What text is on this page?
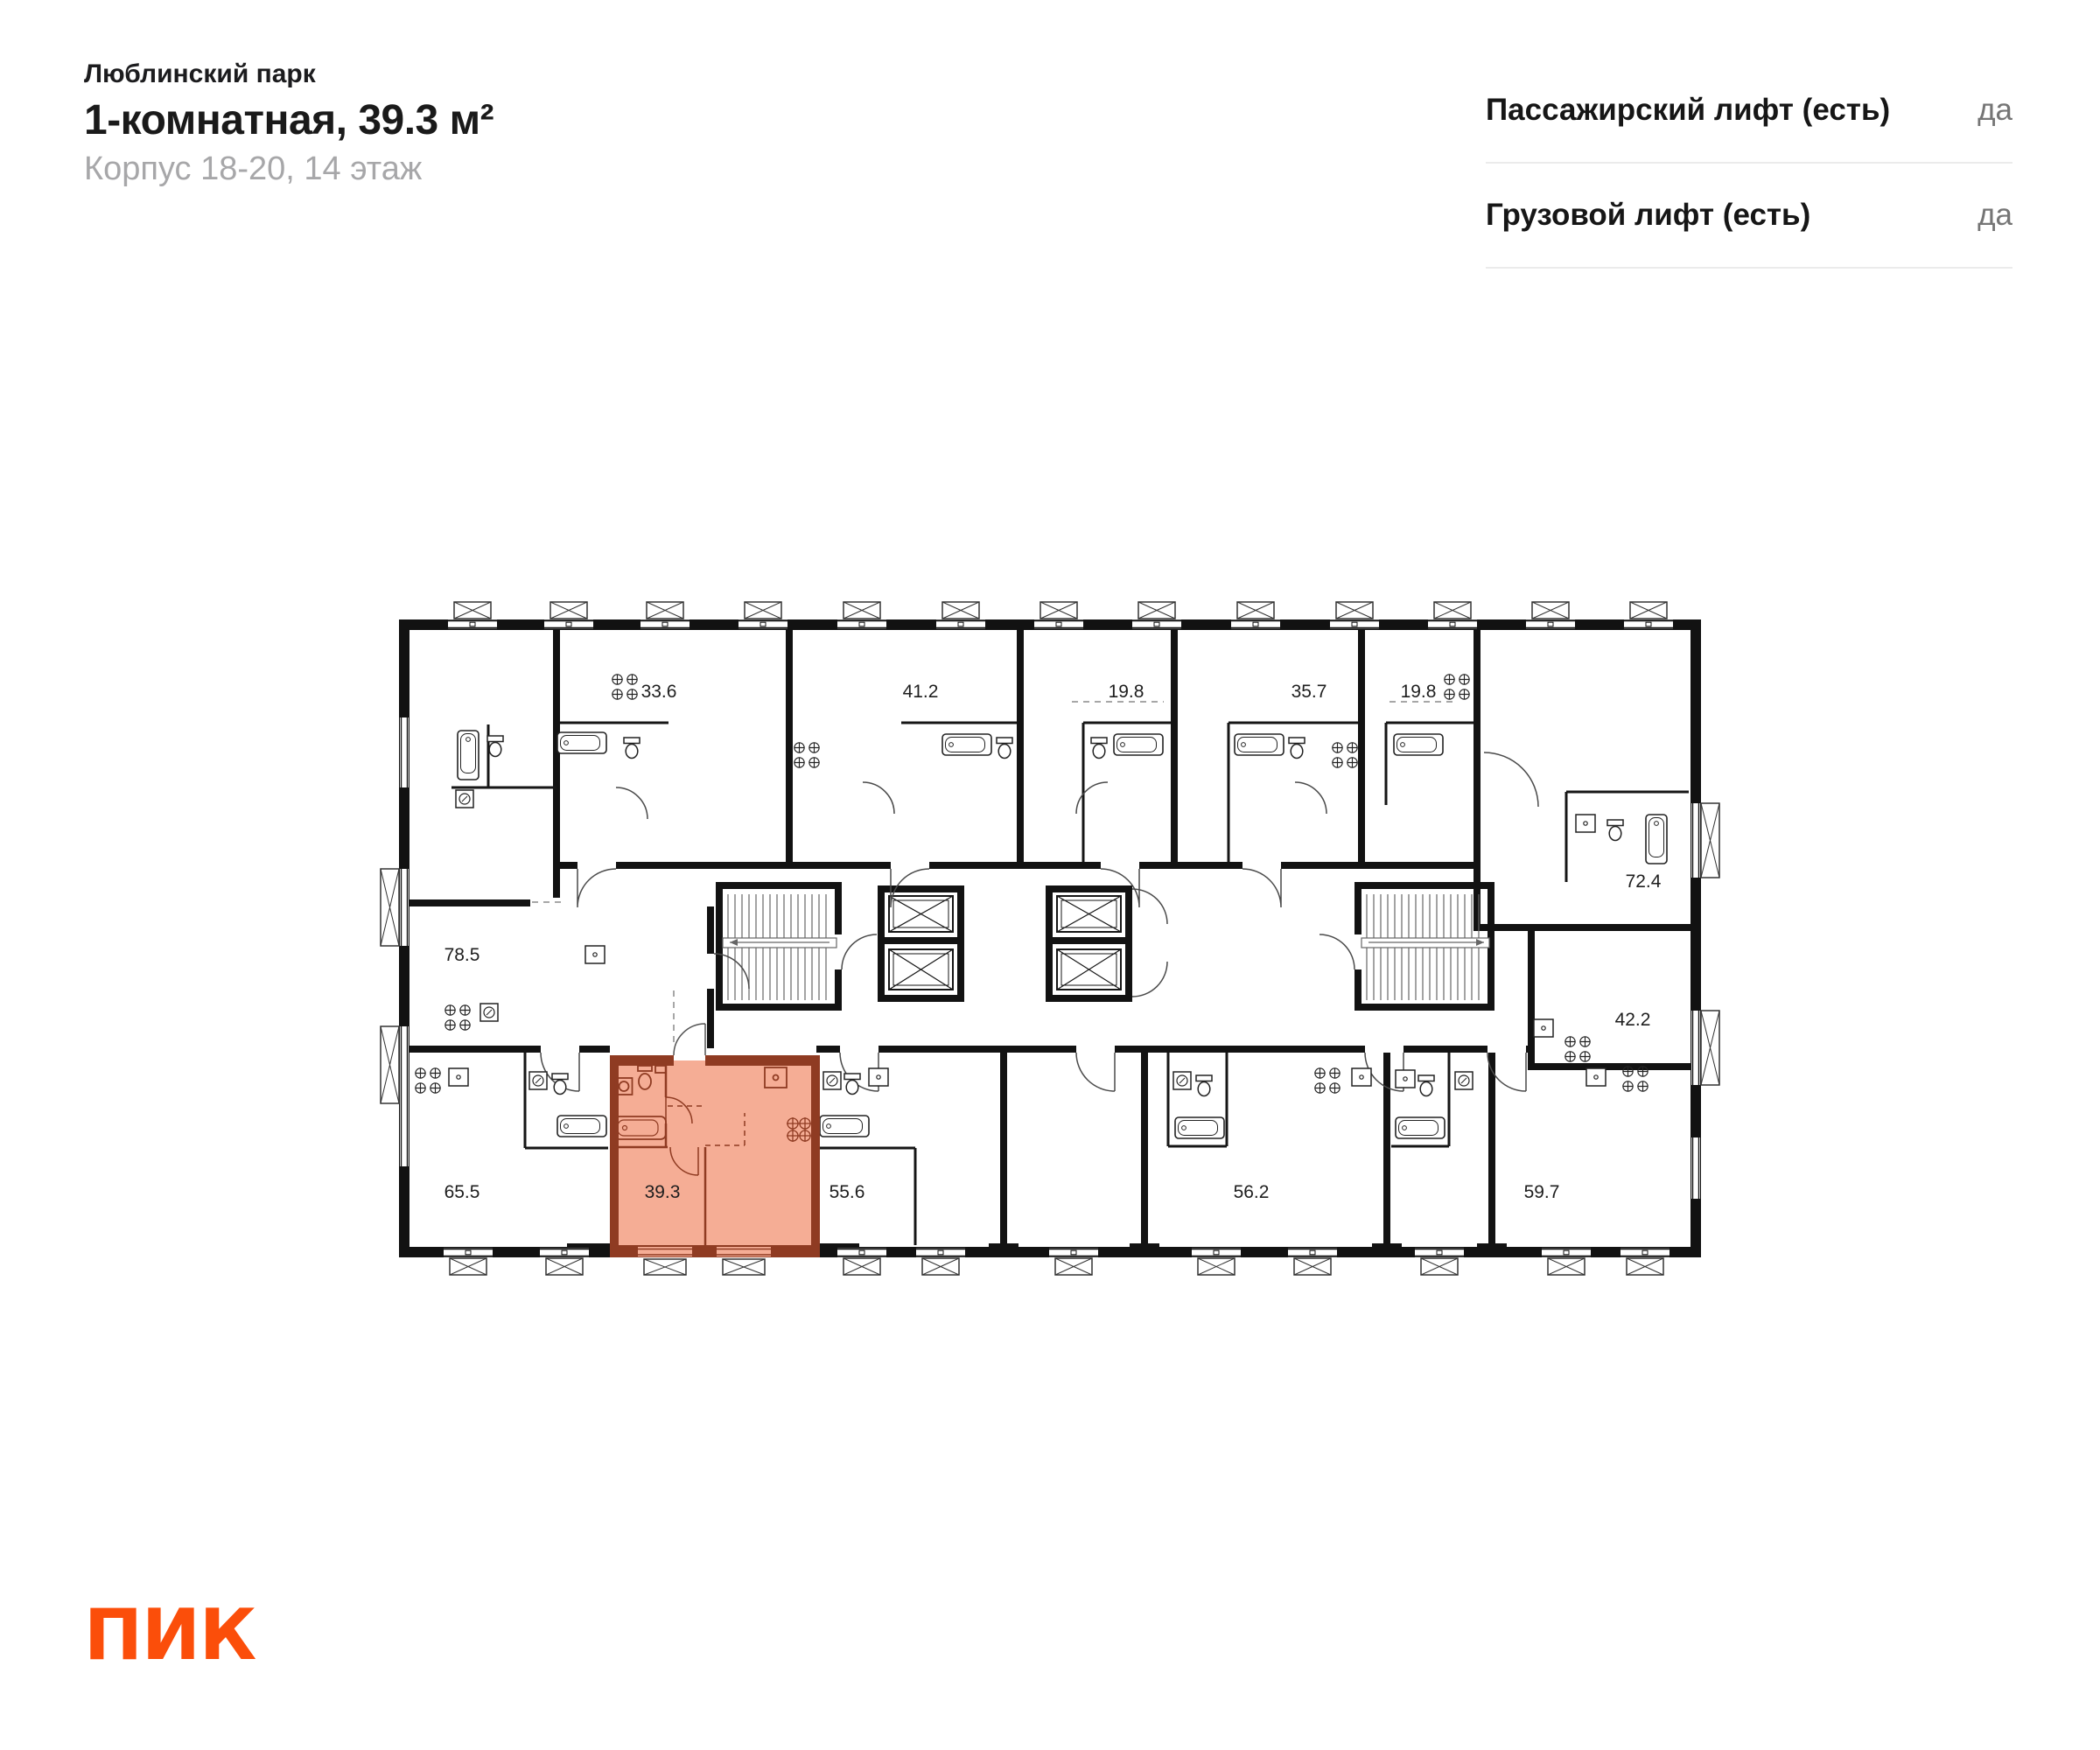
Люблинский парк
1-комнатная, 39.3 м²
Корпус 18-20, 14 этаж
Пассажирский лифт (есть)	да
Грузовой лифт (есть)	да
39.3
33.6	41.2	19.8	35.7	19.8
72.4
78.5
42.2
65.5	55.6	56.2	59.7
ПИК
